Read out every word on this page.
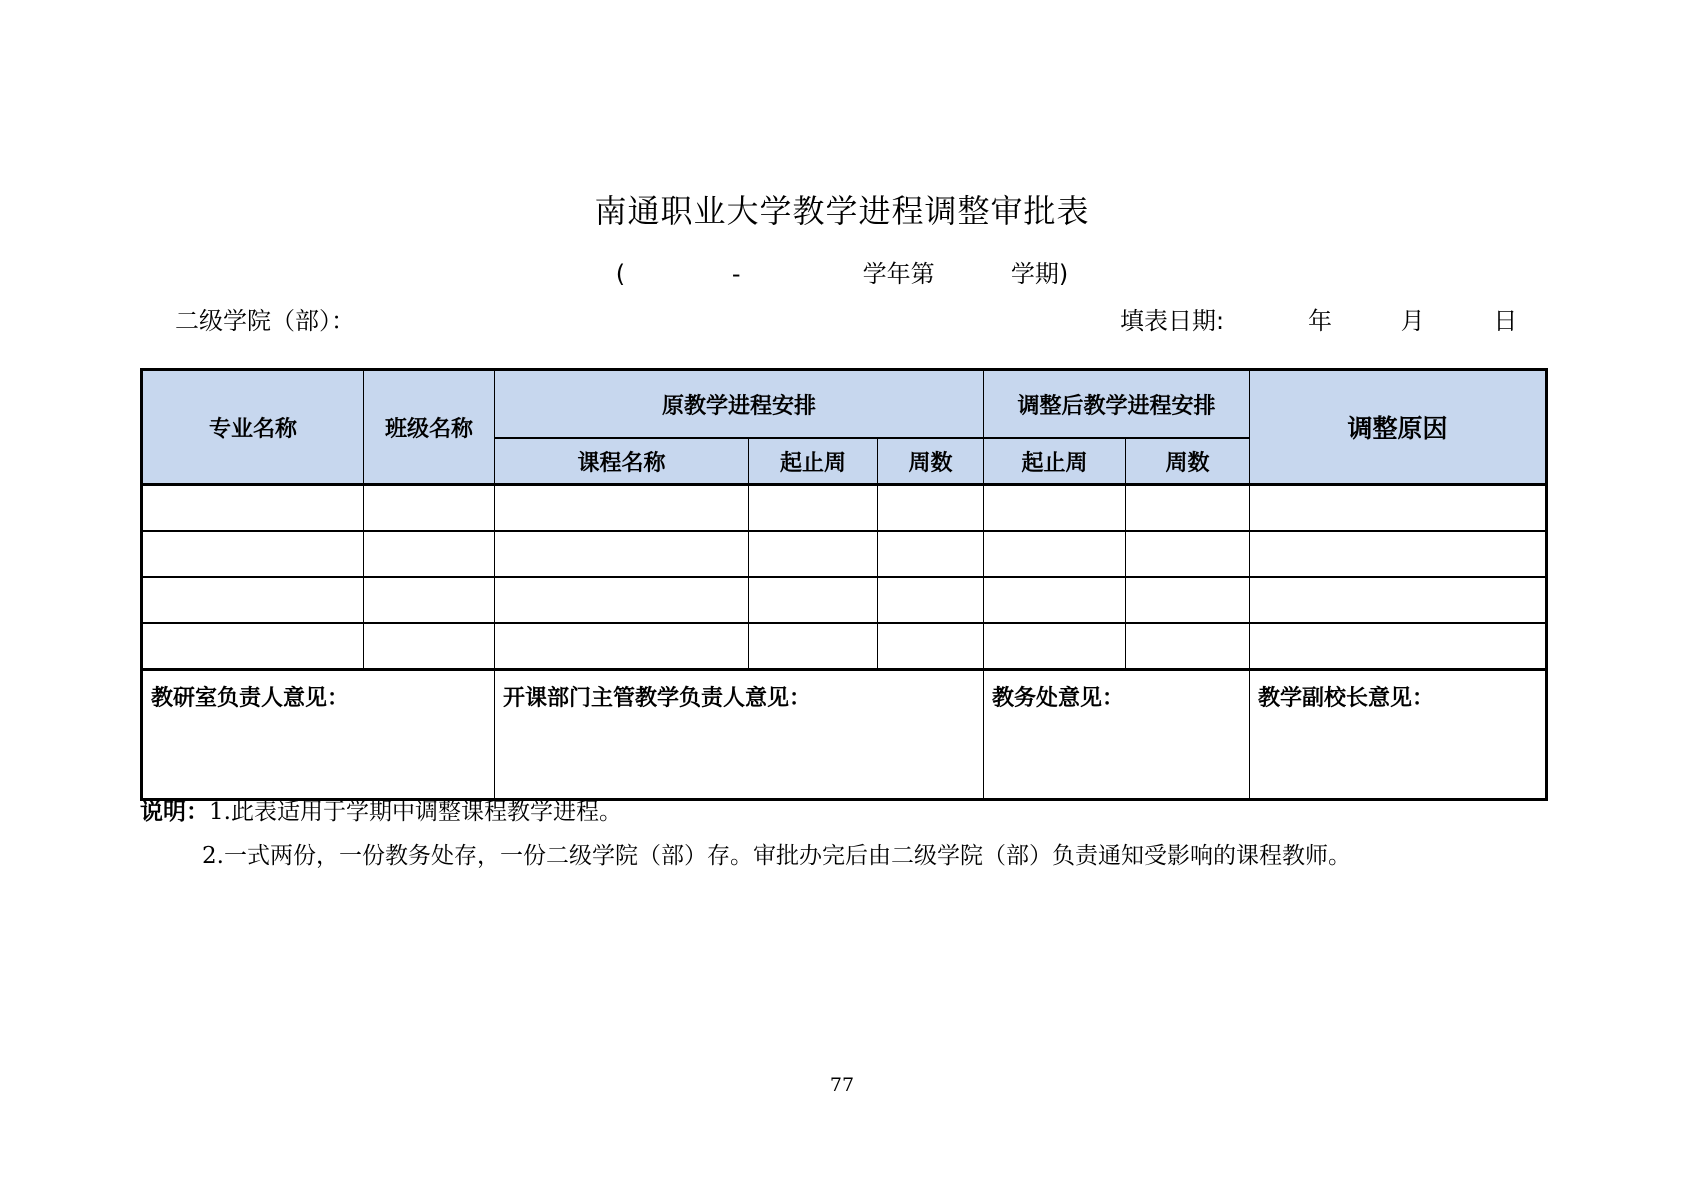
南通职业大学教学进程调整审批表
(              -                学年第          学期)
二级学院（部）：	填表日期:           年         月         日
专业名称	班级名称	原教学进程安排			调整后教学进程安排		调整原因
		课程名称	起止周	周数	起止周	周数	

教研室负责人意见：		开课部门主管教学负责人意见：			教务处意见：		教学副校长意见：
说明：1.此表适用于学期中调整课程教学进程。
2.一式两份，一份教务处存，一份二级学院（部）存。审批办完后由二级学院（部）负责通知受影响的课程教师。
77
